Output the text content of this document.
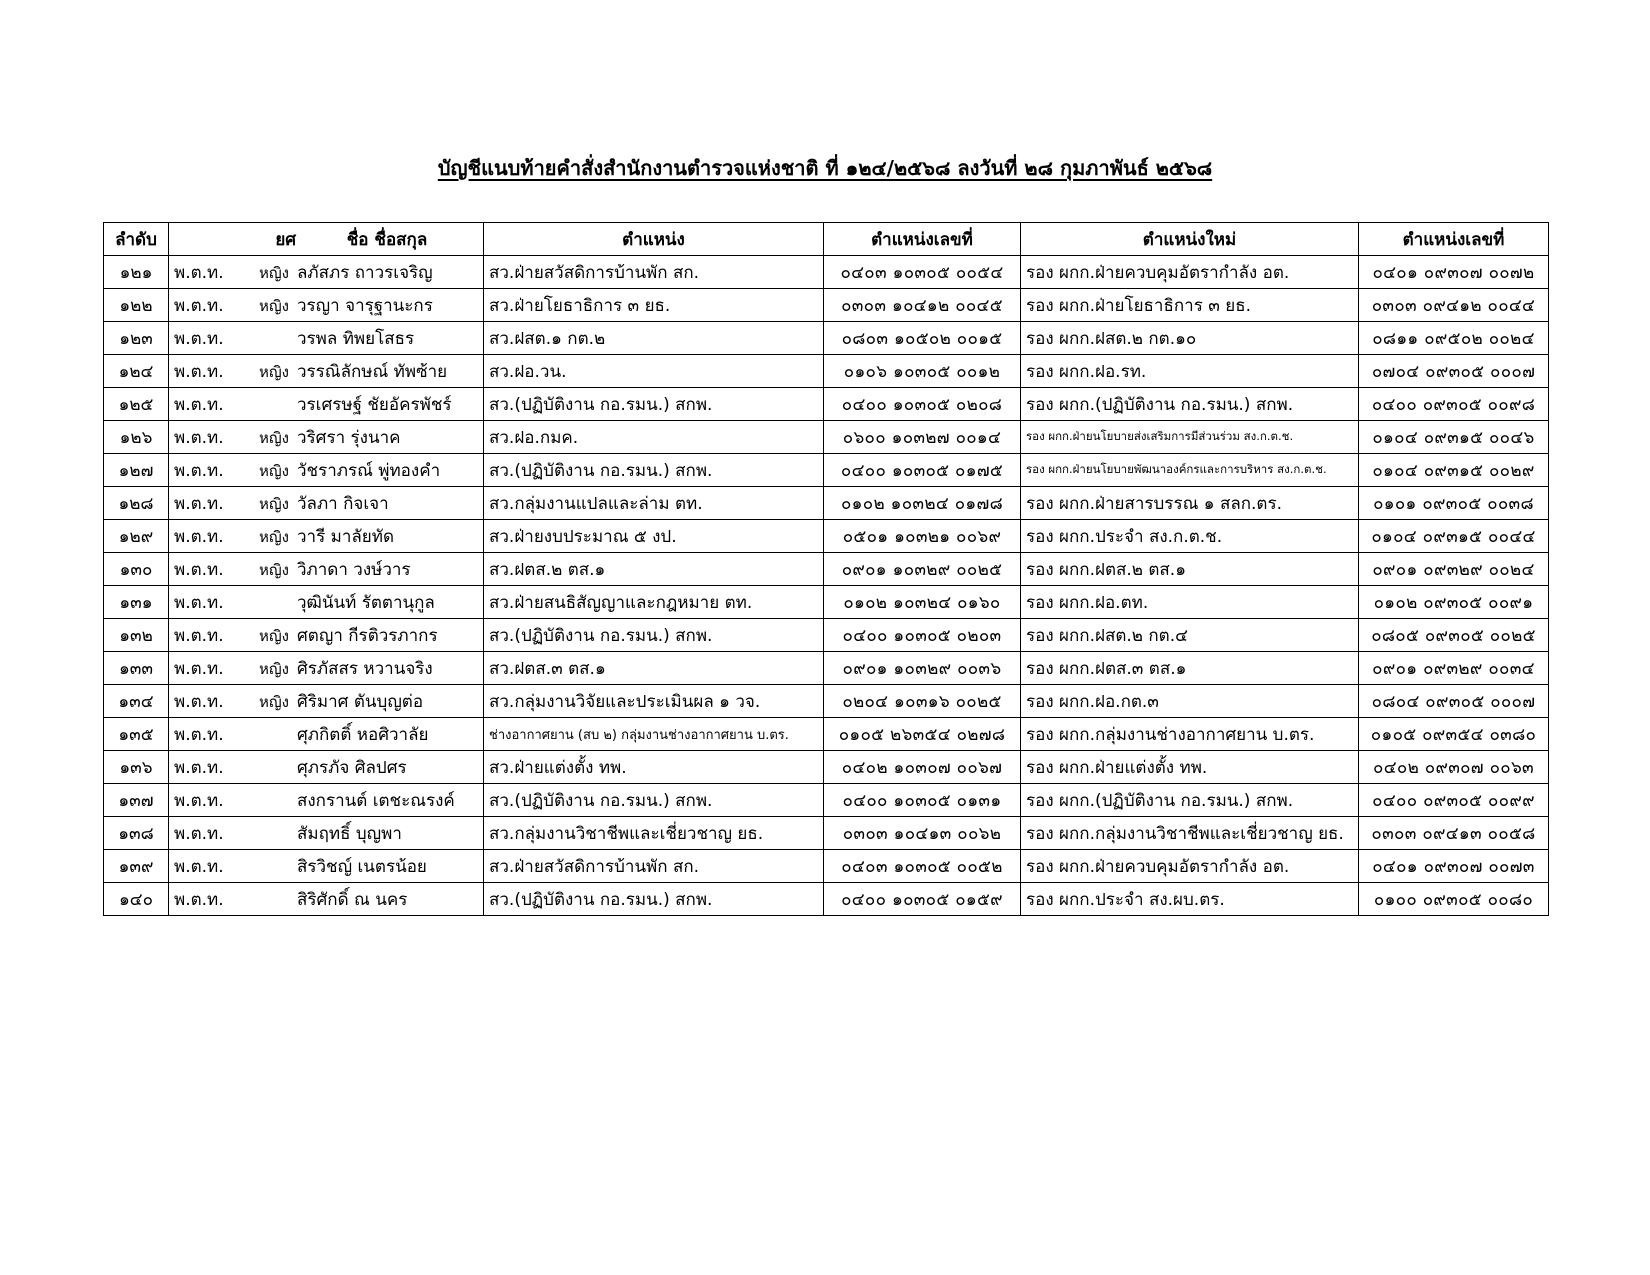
บัญชีแนบท้ายคำสั่งสำนักงานตำรวจแห่งชาติ ที่ ๑๒๔/๒๕๖๘ ลงวันที่ ๒๘ กุมภาพันธ์ ๒๕๖๘
ลำดับ	ยศ ชื่อ ชื่อสกุล	ตำแหน่ง	ตำแหน่งเลขที่	ตำแหน่งใหม่	ตำแหน่งเลขที่
๑๒๑	พ.ต.ท. หญิง ลภัสภร ถาวรเจริญ	สว.ฝ่ายสวัสดิการบ้านพัก สก.	๐๔๐๓ ๑๐๓๐๕ ๐๐๕๔	รอง ผกก.ฝ่ายควบคุมอัตรากำลัง อต.	๐๔๐๑ ๐๙๓๐๗ ๐๐๗๒
๑๒๒	พ.ต.ท. หญิง วรญา จารุฐานะกร	สว.ฝ่ายโยธาธิการ ๓ ยธ.	๐๓๐๓ ๑๐๔๑๒ ๐๐๔๕	รอง ผกก.ฝ่ายโยธาธิการ ๓ ยธ.	๐๓๐๓ ๐๙๔๑๒ ๐๐๔๔
๑๒๓	พ.ต.ท. วรพล ทิพยโสธร	สว.ฝสต.๑ กต.๒	๐๘๐๓ ๑๐๕๐๒ ๐๐๑๕	รอง ผกก.ฝสต.๒ กต.๑๐	๐๘๑๑ ๐๙๕๐๒ ๐๐๒๔
๑๒๔	พ.ต.ท. หญิง วรรณิลักษณ์ ทัพซ้าย	สว.ฝอ.วน.	๐๑๐๖ ๑๐๓๐๕ ๐๐๑๒	รอง ผกก.ฝอ.รท.	๐๗๐๔ ๐๙๓๐๕ ๐๐๐๗
๑๒๕	พ.ต.ท. วรเศรษฐ์ ชัยอัครพัชร์	สว.(ปฏิบัติงาน กอ.รมน.) สกพ.	๐๔๐๐ ๑๐๓๐๕ ๐๒๐๘	รอง ผกก.(ปฏิบัติงาน กอ.รมน.) สกพ.	๐๔๐๐ ๐๙๓๐๕ ๐๐๙๘
๑๒๖	พ.ต.ท. หญิง วริศรา รุ่งนาค	สว.ฝอ.กมค.	๐๖๐๐ ๑๐๓๒๗ ๐๐๑๔	รอง ผกก.ฝ่ายนโยบายส่งเสริมการมีส่วนร่วม สง.ก.ต.ช.	๐๑๐๔ ๐๙๓๑๕ ๐๐๔๖
๑๒๗	พ.ต.ท. หญิง วัชราภรณ์ พู่ทองคำ	สว.(ปฏิบัติงาน กอ.รมน.) สกพ.	๐๔๐๐ ๑๐๓๐๕ ๐๑๗๕	รอง ผกก.ฝ่ายนโยบายพัฒนาองค์กรและการบริหาร สง.ก.ต.ช.	๐๑๐๔ ๐๙๓๑๕ ๐๐๒๙
๑๒๘	พ.ต.ท. หญิง วัลภา กิจเจา	สว.กลุ่มงานแปลและล่าม ตท.	๐๑๐๒ ๑๐๓๒๔ ๐๑๗๘	รอง ผกก.ฝ่ายสารบรรณ ๑ สลก.ตร.	๐๑๐๑ ๐๙๓๐๕ ๐๐๓๘
๑๒๙	พ.ต.ท. หญิง วารี มาลัยทัด	สว.ฝ่ายงบประมาณ ๕ งป.	๐๕๐๑ ๑๐๓๒๑ ๐๐๖๙	รอง ผกก.ประจำ สง.ก.ต.ช.	๐๑๐๔ ๐๙๓๑๕ ๐๐๔๔
๑๓๐	พ.ต.ท. หญิง วิภาดา วงษ์วาร	สว.ฝตส.๒ ตส.๑	๐๙๐๑ ๑๐๓๒๙ ๐๐๒๕	รอง ผกก.ฝตส.๒ ตส.๑	๐๙๐๑ ๐๙๓๒๙ ๐๐๒๔
๑๓๑	พ.ต.ท. วุฒินันท์ รัตตานุกูล	สว.ฝ่ายสนธิสัญญาและกฎหมาย ตท.	๐๑๐๒ ๑๐๓๒๔ ๐๑๖๐	รอง ผกก.ฝอ.ตท.	๐๑๐๒ ๐๙๓๐๕ ๐๐๙๑
๑๓๒	พ.ต.ท. หญิง ศตญา กีรติวรภากร	สว.(ปฏิบัติงาน กอ.รมน.) สกพ.	๐๔๐๐ ๑๐๓๐๕ ๐๒๐๓	รอง ผกก.ฝสต.๒ กต.๔	๐๘๐๕ ๐๙๓๐๕ ๐๐๒๕
๑๓๓	พ.ต.ท. หญิง ศิรภัสสร หวานจริง	สว.ฝตส.๓ ตส.๑	๐๙๐๑ ๑๐๓๒๙ ๐๐๓๖	รอง ผกก.ฝตส.๓ ตส.๑	๐๙๐๑ ๐๙๓๒๙ ๐๐๓๔
๑๓๔	พ.ต.ท. หญิง ศิริมาศ ตันบุญต่อ	สว.กลุ่มงานวิจัยและประเมินผล ๑ วจ.	๐๒๐๔ ๑๐๓๑๖ ๐๐๒๕	รอง ผกก.ฝอ.กต.๓	๐๘๐๔ ๐๙๓๐๕ ๐๐๐๗
๑๓๕	พ.ต.ท. ศุภกิตติ์ หอศิวาลัย	ช่างอากาศยาน (สบ ๒) กลุ่มงานช่างอากาศยาน บ.ตร.	๐๑๐๕ ๒๖๓๕๔ ๐๒๗๘	รอง ผกก.กลุ่มงานช่างอากาศยาน บ.ตร.	๐๑๐๕ ๐๙๓๕๔ ๐๓๘๐
๑๓๖	พ.ต.ท. ศุภรภัจ ศิลปศร	สว.ฝ่ายแต่งตั้ง ทพ.	๐๔๐๒ ๑๐๓๐๗ ๐๐๖๗	รอง ผกก.ฝ่ายแต่งตั้ง ทพ.	๐๔๐๒ ๐๙๓๐๗ ๐๐๖๓
๑๓๗	พ.ต.ท. สงกรานต์ เตชะณรงค์	สว.(ปฏิบัติงาน กอ.รมน.) สกพ.	๐๔๐๐ ๑๐๓๐๕ ๐๑๓๑	รอง ผกก.(ปฏิบัติงาน กอ.รมน.) สกพ.	๐๔๐๐ ๐๙๓๐๕ ๐๐๙๙
๑๓๘	พ.ต.ท. สัมฤทธิ์ บุญพา	สว.กลุ่มงานวิชาชีพและเชี่ยวชาญ ยธ.	๐๓๐๓ ๑๐๔๑๓ ๐๐๖๒	รอง ผกก.กลุ่มงานวิชาชีพและเชี่ยวชาญ ยธ.	๐๓๐๓ ๐๙๔๑๓ ๐๐๕๘
๑๓๙	พ.ต.ท. สิรวิชญ์ เนตรน้อย	สว.ฝ่ายสวัสดิการบ้านพัก สก.	๐๔๐๓ ๑๐๓๐๕ ๐๐๕๒	รอง ผกก.ฝ่ายควบคุมอัตรากำลัง อต.	๐๔๐๑ ๐๙๓๐๗ ๐๐๗๓
๑๔๐	พ.ต.ท. สิริศักดิ์ ณ นคร	สว.(ปฏิบัติงาน กอ.รมน.) สกพ.	๐๔๐๐ ๑๐๓๐๕ ๐๑๕๙	รอง ผกก.ประจำ สง.ผบ.ตร.	๐๑๐๐ ๐๙๓๐๕ ๐๐๘๐
